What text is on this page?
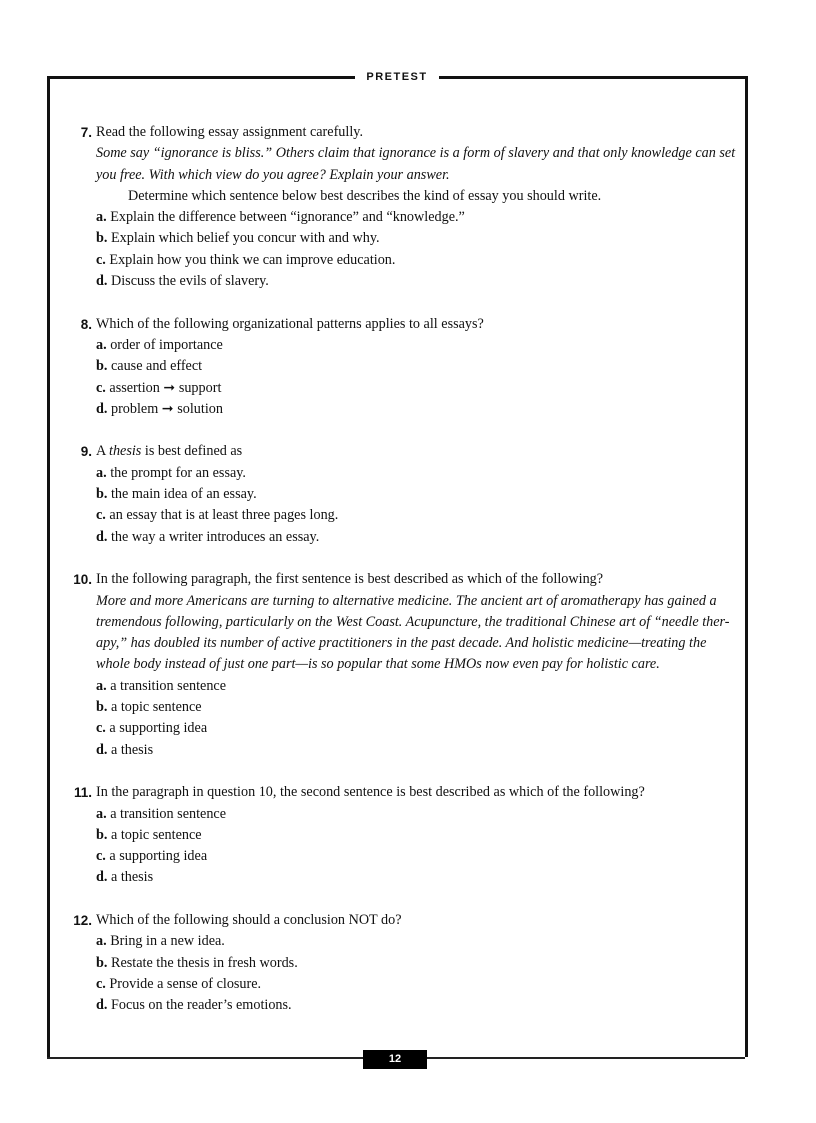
PRETEST
12
7. Read the following essay assignment carefully.
Some say “ignorance is bliss.” Others claim that ignorance is a form of slavery and that only knowledge can set
you free. With which view do you agree? Explain your answer.
Determine which sentence below best describes the kind of essay you should write.
a. Explain the difference between “ignorance” and “knowledge.”
b. Explain which belief you concur with and why.
c. Explain how you think we can improve education.
d. Discuss the evils of slavery.
8. Which of the following organizational patterns applies to all essays?
a. order of importance
b. cause and effect
c. assertion ➞ support
d. problem ➞ solution
9. A thesis is best defined as
a. the prompt for an essay.
b. the main idea of an essay.
c. an essay that is at least three pages long.
d. the way a writer introduces an essay.
10. In the following paragraph, the first sentence is best described as which of the following?
More and more Americans are turning to alternative medicine. The ancient art of aromatherapy has gained a
tremendous following, particularly on the West Coast. Acupuncture, the traditional Chinese art of “needle ther-
apy,” has doubled its number of active practitioners in the past decade. And holistic medicine—treating the
whole body instead of just one part—is so popular that some HMOs now even pay for holistic care.
a. a transition sentence
b. a topic sentence
c. a supporting idea
d. a thesis
11. In the paragraph in question 10, the second sentence is best described as which of the following?
a. a transition sentence
b. a topic sentence
c. a supporting idea
d. a thesis
12. Which of the following should a conclusion NOT do?
a. Bring in a new idea.
b. Restate the thesis in fresh words.
c. Provide a sense of closure.
d. Focus on the reader’s emotions.
